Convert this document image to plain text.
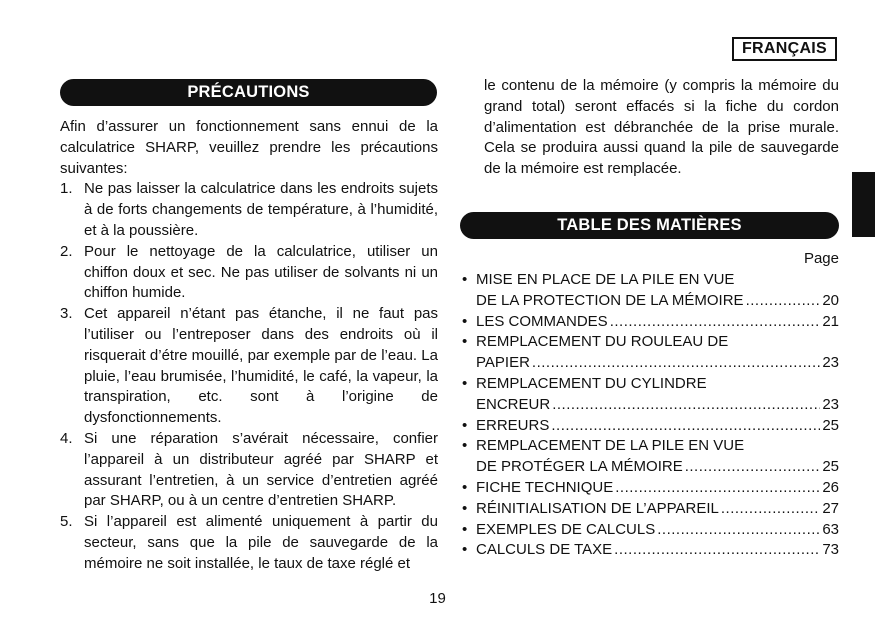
FRANÇAIS
PRÉCAUTIONS

Afin d’assurer un fonctionnement sans ennui de la calculatrice SHARP, veuillez prendre les précautions suivantes:

1. Ne pas laisser la calculatrice dans les endroits sujets à de forts changements de température, à l’humidité, et à la poussière.
2. Pour le nettoyage de la calculatrice, utiliser un chiffon doux et sec. Ne pas utiliser de solvants ni un chiffon humide.
3. Cet appareil n’étant pas étanche, il ne faut pas l’utiliser ou l’entreposer dans des endroits où il risquerait d’étre mouillé, par exemple par de l’eau. La pluie, l’eau brumisée, l’humidité, le café, la vapeur, la transpiration, etc. sont à l’origine de dysfonctionnements.
4. Si une réparation s’avérait nécessaire, confier l’appareil à un distributeur agréé par SHARP et assurant l’entretien, à un service d’entretien agréé par SHARP, ou à un centre d’entretien SHARP.
5. Si l’appareil est alimenté uniquement à partir du secteur, sans que la pile de sauvegarde de la mémoire ne soit installée, le taux de taxe réglé et
le contenu de la mémoire (y compris la mémoire du grand total) seront effacés si la fiche du cordon d’alimentation est débranchée de la prise murale. Cela se produira aussi quand la pile de sauvegarde de la mémoire est remplacée.
TABLE DES MATIÈRES
Page
• MISE EN PLACE DE LA PILE EN VUE
DE LA PROTECTION DE LA MÉMOIRE .....	20
• LES COMMANDES .....	21
• REMPLACEMENT DU ROULEAU DE
PAPIER .....	23
• REMPLACEMENT DU CYLINDRE
ENCREUR .....	23
• ERREURS .....	25
• REMPLACEMENT DE LA PILE EN VUE
DE PROTÉGER LA MÉMOIRE .....	25
• FICHE TECHNIQUE .....	26
• RÉINITIALISATION DE L’APPAREIL .....	27
• EXEMPLES DE CALCULS .....	63
• CALCULS DE TAXE .....	73
19
